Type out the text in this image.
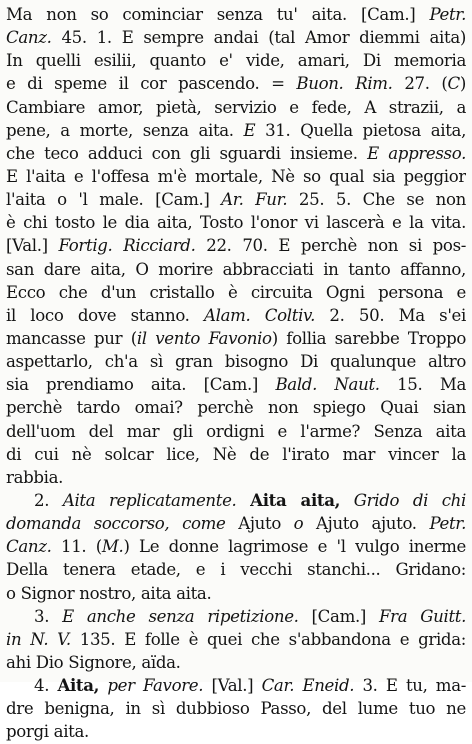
Ma non so cominciar senza tu' aita. [Cam.] Petr.
Canz. 45. 1. E sempre andai (tal Amor diemmi aita)
In quelli esilii, quanto e' vide, amari, Di memoria
e di speme il cor pascendo. = Buon. Rim. 27. (C)
Cambiare amor, pietà, servizio e fede, A strazii, a
pene, a morte, senza aita. E 31. Quella pietosa aita,
che teco adduci con gli sguardi insieme. E appresso.
E l'aita e l'offesa m'è mortale, Nè so qual sia peggior
l'aita o 'l male. [Cam.] Ar. Fur. 25. 5. Che se non
è chi tosto le dia aita, Tosto l'onor vi lascerà e la vita.
[Val.] Fortig. Ricciard. 22. 70. E perchè non si pos-
san dare aita, O morire abbracciati in tanto affanno,
Ecco che d'un cristallo è circuita Ogni persona e
il loco dove stanno. Alam. Coltiv. 2. 50. Ma s'ei
mancasse pur (il vento Favonio) follia sarebbe Troppo
aspettarlo, ch'a sì gran bisogno Di qualunque altro
sia prendiamo aita. [Cam.] Bald. Naut. 15. Ma
perchè tardo omai? perchè non spiego Quai sian
dell'uom del mar gli ordigni e l'arme? Senza aita
di cui nè solcar lice, Nè de l'irato mar vincer la
rabbia.
2. Aita replicatamente. Aita aita, Grido di chi
domanda soccorso, come Ajuto o Ajuto ajuto. Petr.
Canz. 11. (M.) Le donne lagrimose e 'l vulgo inerme
Della tenera etade, e i vecchi stanchi... Gridano:
o Signor nostro, aita aita.
3. E anche senza ripetizione. [Cam.] Fra Guitt.
in N. V. 135. E folle è quei che s'abbandona e grida:
ahi Dio Signore, aïda.
4. Aita, per Favore. [Val.] Car. Eneid. 3. E tu, ma-
dre benigna, in sì dubbioso Passo, del lume tuo ne
porgi aita.
